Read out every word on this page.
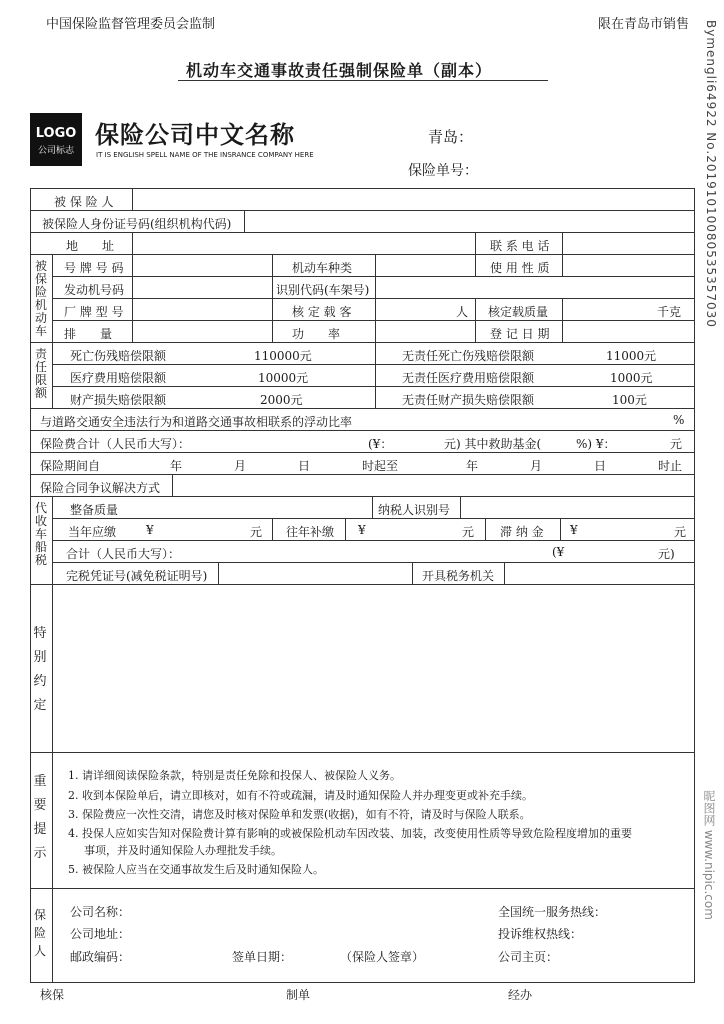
中国保险监督管理委员会监制	限在青岛市销售
机动车交通事故责任强制保险单（副本）	Bymengli64922 No.20191010080535357030
LOGO
公司标志
保险公司中文名称
IT IS ENGLISH SPELL NAME OF THE INSRANCE COMPANY HERE
青岛：
保险单号：
被 保 险 人
被保险人身份证号码(组织机构代码)
地　　址	联 系 电 话
被保险机动车
号 牌 号 码	机动车种类	使 用 性 质
发动机号码	识别代码(车架号)
厂 牌 型 号	核 定 载 客	人 核定载质量	千克
排　　量	功　　率	登 记 日 期
责任限额
死亡伤残赔偿限额	110000元	无责任死亡伤残赔偿限额	11000元
医疗费用赔偿限额	10000元	无责任医疗费用赔偿限额	1000元
财产损失赔偿限额	2000元	无责任财产损失赔偿限额	100元
与道路交通安全违法行为和道路交通事故相联系的浮动比率	%
保险费合计（人民币大写）：	(¥：	元) 其中救助基金(	%) ¥：	元
保险期间自	年	月	日	时起至	年	月	日	时止
保险合同争议解决方式
代收车船税
整备质量	纳税人识别号
当年应缴 ¥	元 往年补缴 ¥	元 滞 纳 金 ¥	元
合计（人民币大写）：	(¥	元)
完税凭证号(减免税证明号)	开具税务机关
特别约定
重要提示
1. 请详细阅读保险条款，特别是责任免除和投保人、被保险人义务。
2. 收到本保险单后，请立即核对，如有不符或疏漏，请及时通知保险人并办理变更或补充手续。
3. 保险费应一次性交清，请您及时核对保险单和发票(收据)，如有不符，请及时与保险人联系。
4. 投保人应如实告知对保险费计算有影响的或被保险机动车因改装、加装，改变使用性质等导致危险程度增加的重要
事项，并及时通知保险人办理批发手续。
5. 被保险人应当在交通事故发生后及时通知保险人。
保险人
公司名称：
公司地址：
邮政编码：	签单日期：	（保险人签章）
全国统一服务热线：
投诉维权热线：
公司主页：
核保	制单	经办
昵图网 www.nipic.com
